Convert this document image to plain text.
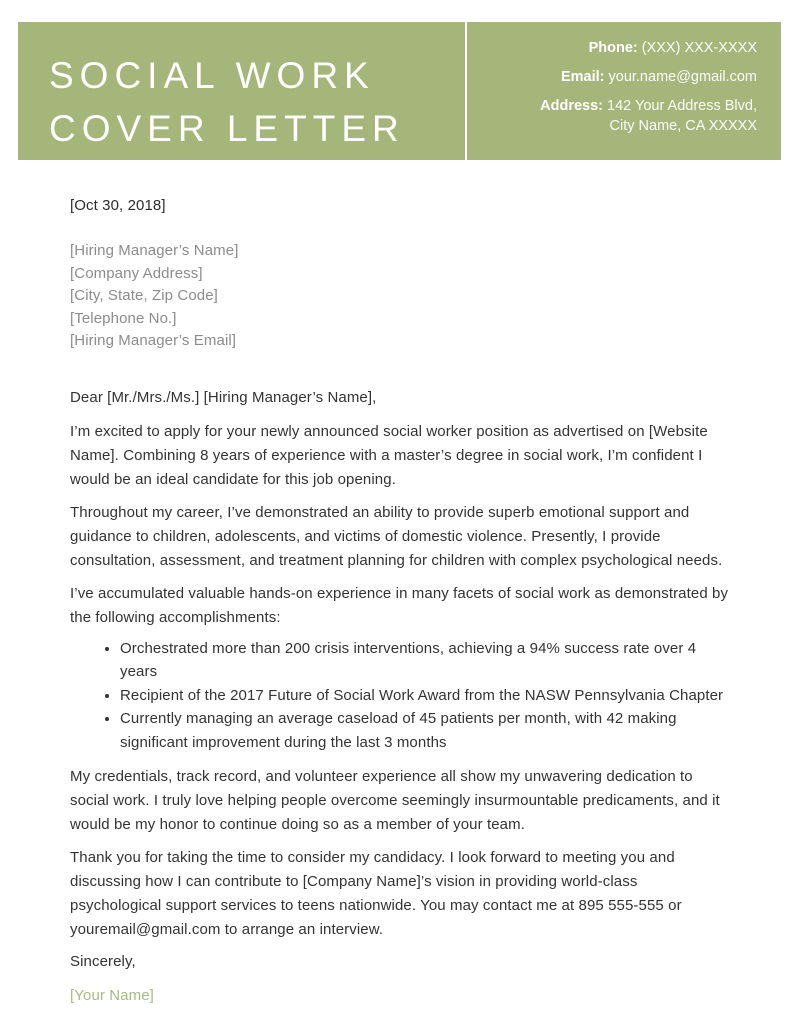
SOCIAL WORK
COVER LETTER
Phone: (XXX) XXX-XXXX
Email: your.name@gmail.com
Address: 142 Your Address Blvd,
City Name, CA XXXXX
[Oct 30, 2018]
[Hiring Manager’s Name]
[Company Address]
[City, State, Zip Code]
[Telephone No.]
[Hiring Manager’s Email]
Dear [Mr./Mrs./Ms.] [Hiring Manager’s Name],

I’m excited to apply for your newly announced social worker position as advertised on [Website Name]. Combining 8 years of experience with a master’s degree in social work, I’m confident I would be an ideal candidate for this job opening.

Throughout my career, I’ve demonstrated an ability to provide superb emotional support and guidance to children, adolescents, and victims of domestic violence. Presently, I provide consultation, assessment, and treatment planning for children with complex psychological needs.

I’ve accumulated valuable hands-on experience in many facets of social work as demonstrated by the following accomplishments:

• Orchestrated more than 200 crisis interventions, achieving a 94% success rate over 4 years
• Recipient of the 2017 Future of Social Work Award from the NASW Pennsylvania Chapter
• Currently managing an average caseload of 45 patients per month, with 42 making significant improvement during the last 3 months

My credentials, track record, and volunteer experience all show my unwavering dedication to social work. I truly love helping people overcome seemingly insurmountable predicaments, and it would be my honor to continue doing so as a member of your team.

Thank you for taking the time to consider my candidacy. I look forward to meeting you and discussing how I can contribute to [Company Name]’s vision in providing world-class psychological support services to teens nationwide. You may contact me at 895 555-555 or youremail@gmail.com to arrange an interview.

Sincerely,
[Your Name]
